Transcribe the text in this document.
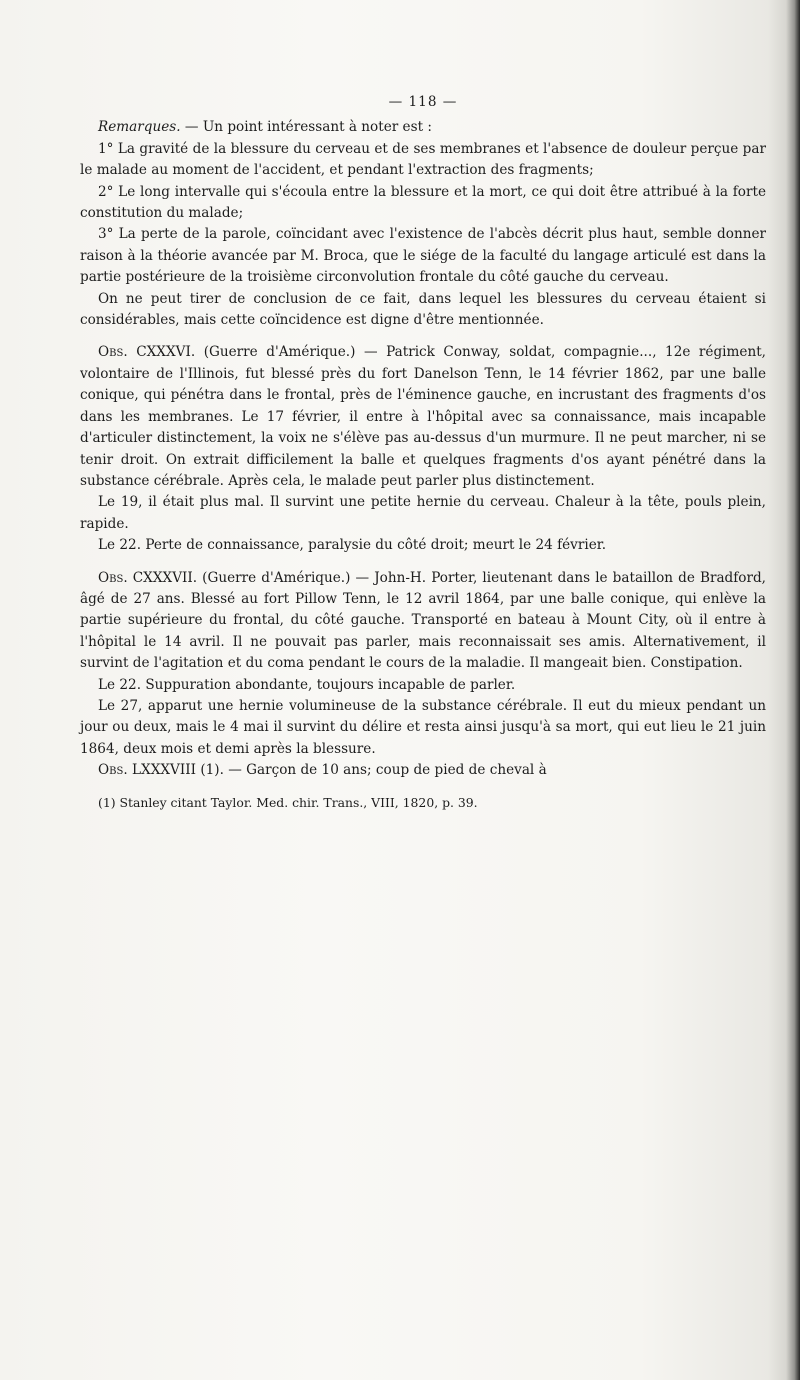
— 118 —

Remarques. — Un point intéressant à noter est :

1° La gravité de la blessure du cerveau et de ses membranes et l'absence de douleur perçue par le malade au moment de l'accident, et pendant l'extraction des fragments;

2° Le long intervalle qui s'écoula entre la blessure et la mort, ce qui doit être attribué à la forte constitution du malade;

3° La perte de la parole, coïncidant avec l'existence de l'abcès décrit plus haut, semble donner raison à la théorie avancée par M. Broca, que le siége de la faculté du langage articulé est dans la partie postérieure de la troisième circonvolution frontale du côté gauche du cerveau.

On ne peut tirer de conclusion de ce fait, dans lequel les blessures du cerveau étaient si considérables, mais cette coïncidence est digne d'être mentionnée.

Obs. CXXXVI. (Guerre d'Amérique.) — Patrick Conway, soldat, compagnie..., 12e régiment, volontaire de l'Illinois, fut blessé près du fort Danelson Tenn, le 14 février 1862, par une balle conique, qui pénétra dans le frontal, près de l'éminence gauche, en incrustant des fragments d'os dans les membranes. Le 17 février, il entre à l'hôpital avec sa connaissance, mais incapable d'articuler distinctement, la voix ne s'élève pas au-dessus d'un murmure. Il ne peut marcher, ni se tenir droit. On extrait difficilement la balle et quelques fragments d'os ayant pénétré dans la substance cérébrale. Après cela, le malade peut parler plus distinctement.

Le 19, il était plus mal. Il survint une petite hernie du cerveau. Chaleur à la tête, pouls plein, rapide.

Le 22. Perte de connaissance, paralysie du côté droit; meurt le 24 février.

Obs. CXXXVII. (Guerre d'Amérique.) — John-H. Porter, lieutenant dans le bataillon de Bradford, âgé de 27 ans. Blessé au fort Pillow Tenn, le 12 avril 1864, par une balle conique, qui enlève la partie supérieure du frontal, du côté gauche. Transporté en bateau à Mount City, où il entre à l'hôpital le 14 avril. Il ne pouvait pas parler, mais reconnaissait ses amis. Alternativement, il survint de l'agitation et du coma pendant le cours de la maladie. Il mangeait bien. Constipation.

Le 22. Suppuration abondante, toujours incapable de parler.

Le 27, apparut une hernie volumineuse de la substance cérébrale. Il eut du mieux pendant un jour ou deux, mais le 4 mai il survint du délire et resta ainsi jusqu'à sa mort, qui eut lieu le 21 juin 1864, deux mois et demi après la blessure.

Obs. LXXXVIII (1). — Garçon de 10 ans; coup de pied de cheval à

(1) Stanley citant Taylor. Med. chir. Trans., VIII, 1820, p. 39.
